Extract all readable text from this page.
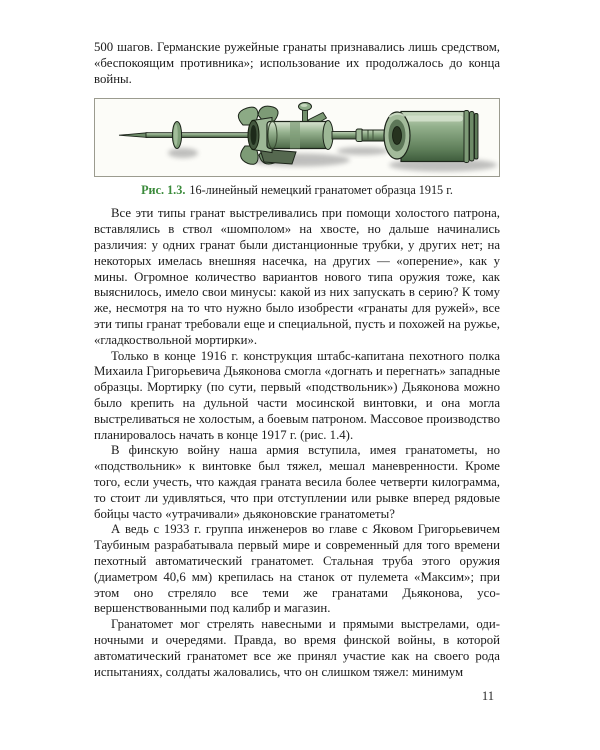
500 шагов. Германские ружейные гранаты признавались лишь средством, «беспокоящим противника»; использование их продолжалось до конца войны.

Рис. 1.3. 16-линейный немецкий гранатомет образца 1915 г.

Все эти типы гранат выстреливались при помощи холостого патрона, вставлялись в ствол «шомполом» на хвосте, но дальше начинались различия: у одних гранат были дистанционные трубки, у других нет; на некоторых имелась внешняя насечка, на других — «оперение», как у мины. Огромное количество вариантов нового типа оружия тоже, как выяснилось, имело свои минусы: какой из них запускать в серию? К тому же, несмотря на то что нужно было изобрести «гранаты для ружей», все эти типы гранат требовали еще и специальной, пусть и похожей на ружье, «гладкоствольной мортирки».

Только в конце 1916 г. конструкция штабс-капитана пехотного полка Михаила Григорьевича Дьяконова смогла «догнать и перегнать» западные образцы. Мортирку (по сути, первый «подствольник») Дьяконова можно было крепить на дульной части мосинской винтовки, и она могла выстреливаться не холостым, а боевым патроном. Массовое производство планировалось начать в конце 1917 г. (рис. 1.4).

В финскую войну наша армия вступила, имея гранатометы, но «подствольник» к винтовке был тяжел, мешал маневренности. Кроме того, если учесть, что каждая граната весила более четверти килограмма, то стоит ли удивляться, что при отступлении или рывке вперед рядовые бойцы часто «утрачивали» дьяконовские гранатометы?

А ведь с 1933 г. группа инженеров во главе с Яковом Григорьевичем Таубиным разрабатывала первый мире и современный для того времени пехотный автоматический гранатомет. Стальная труба этого оружия (диаметром 40,6 мм) крепилась на станок от пулемета «Максим»; при этом оно стреляло все теми же гранатами Дьяконова, усовершенствованными под калибр и магазин.

Гранатомет мог стрелять навесными и прямыми выстрелами, одиночными и очередями. Правда, во время финской войны, в которой автоматический гранатомет все же принял участие как на своего рода испытаниях, солдаты жаловались, что он слишком тяжел: минимум

11
